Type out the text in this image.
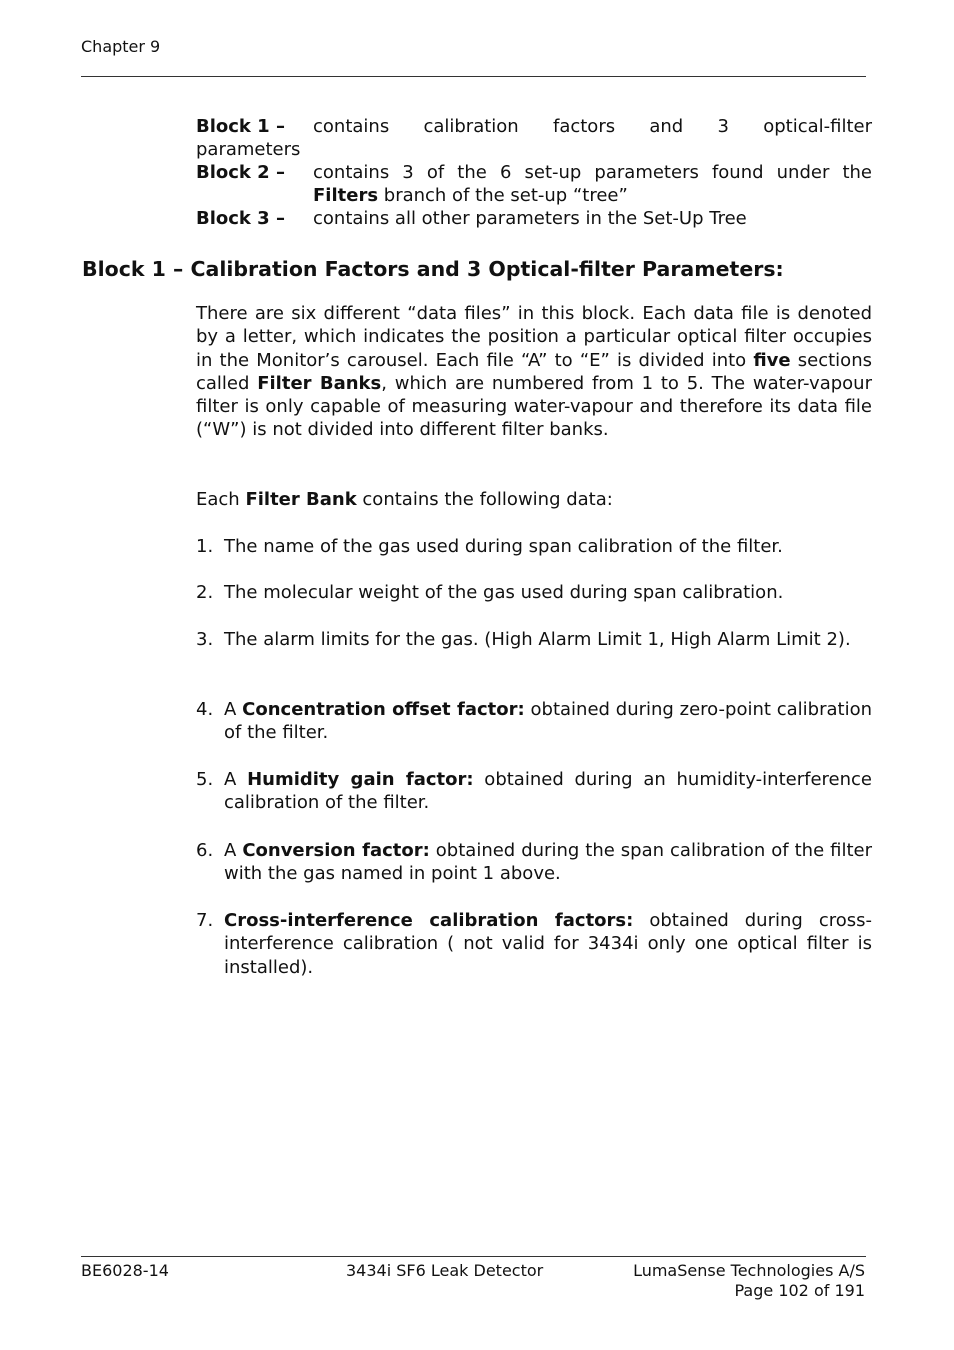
Chapter 9
Block 1 –	contains calibration factors and 3 optical-filter
parameters
Block 2 –	contains 3 of the 6 set-up parameters found under the
Filters branch of the set-up “tree”
Block 3 –	contains all other parameters in the Set-Up Tree
Block 1 – Calibration Factors and 3 Optical-filter Parameters:
There are six different “data files” in this block. Each data file is denoted by a letter, which indicates the position a particular optical filter occupies in the Monitor’s carousel. Each file “A” to “E” is divided into five sections called Filter Banks, which are numbered from 1 to 5. The water-vapour filter is only capable of measuring water-vapour and therefore its data file (“W”) is not divided into different filter banks.
Each Filter Bank contains the following data:
1. The name of the gas used during span calibration of the filter.
2. The molecular weight of the gas used during span calibration.
3. The alarm limits for the gas. (High Alarm Limit 1, High Alarm Limit 2).
4. A Concentration offset factor: obtained during zero-point calibration of the filter.
5. A Humidity gain factor: obtained during an humidity-interference calibration of the filter.
6. A Conversion factor: obtained during the span calibration of the filter with the gas named in point 1 above.
7. Cross-interference calibration factors: obtained during cross-interference calibration ( not valid for 3434i only one optical filter is installed).
BE6028-14	3434i SF6 Leak Detector	LumaSense Technologies A/S
Page 102 of 191
